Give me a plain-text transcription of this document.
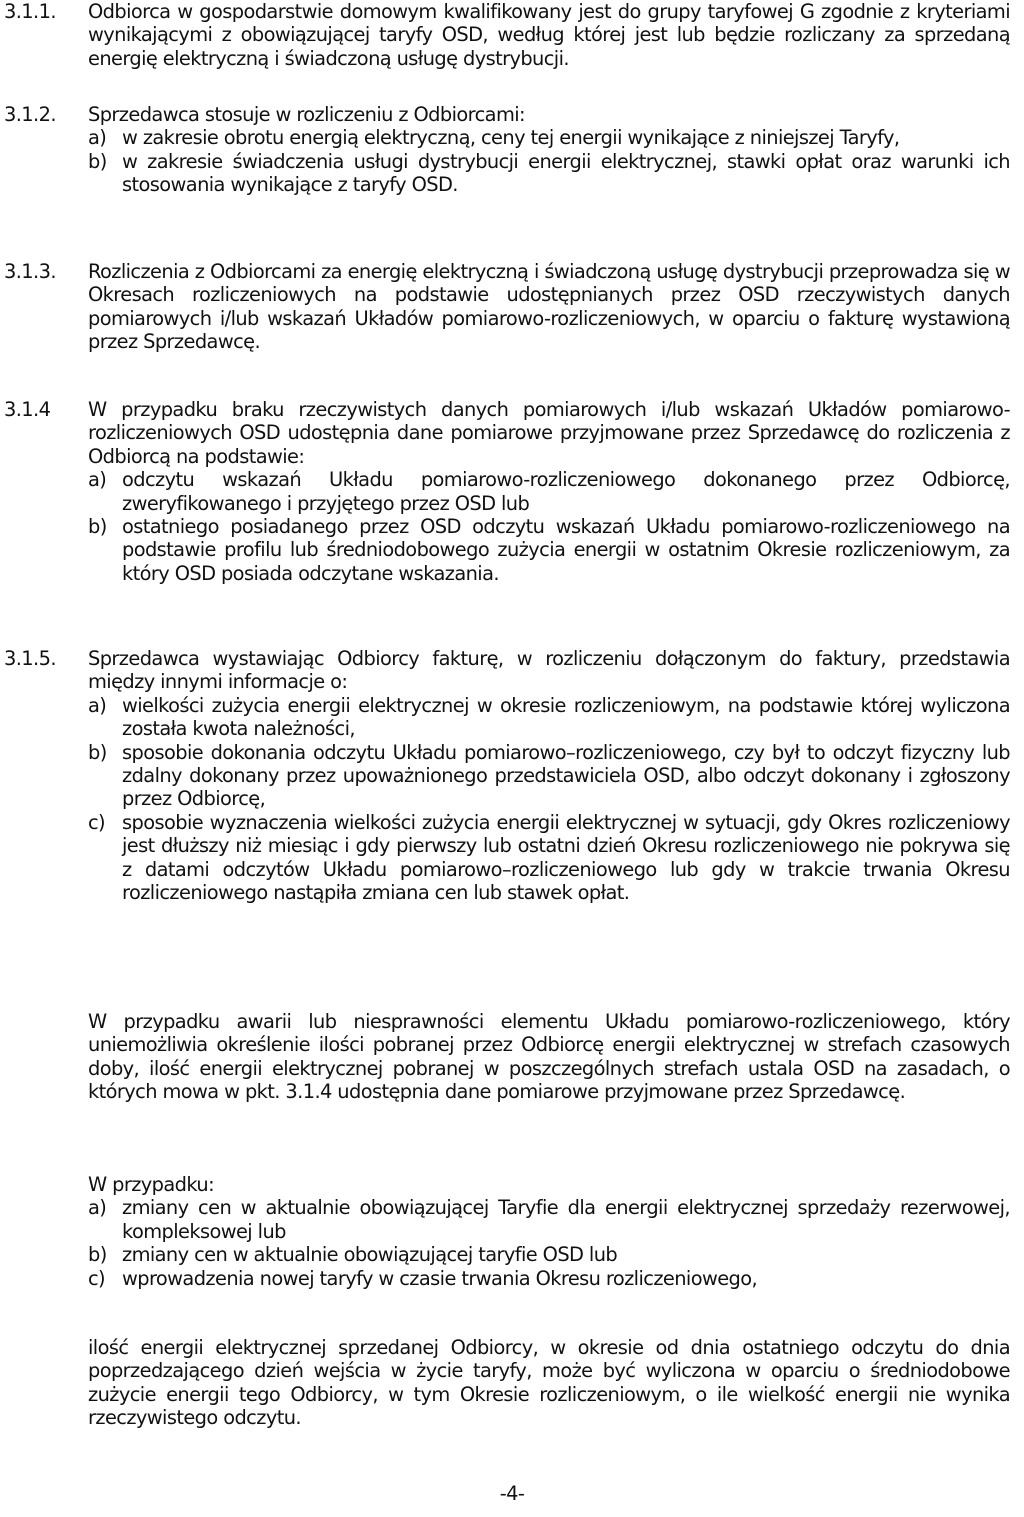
3.1.1. Odbiorca w gospodarstwie domowym kwalifikowany jest do grupy taryfowej G zgodnie z kryteriami wynikającymi z obowiązującej taryfy OSD, według której jest lub będzie rozliczany za sprzedaną energię elektryczną i świadczoną usługę dystrybucji.
3.1.2. Sprzedawca stosuje w rozliczeniu z Odbiorcami:
a) w zakresie obrotu energią elektryczną, ceny tej energii wynikające z niniejszej Taryfy,
b) w zakresie świadczenia usługi dystrybucji energii elektrycznej, stawki opłat oraz warunki ich stosowania wynikające z taryfy OSD.
3.1.3. Rozliczenia z Odbiorcami za energię elektryczną i świadczoną usługę dystrybucji przeprowadza się w Okresach rozliczeniowych na podstawie udostępnianych przez OSD rzeczywistych danych pomiarowych i/lub wskazań Układów pomiarowo-rozliczeniowych, w oparciu o fakturę wystawioną przez Sprzedawcę.
3.1.4 W przypadku braku rzeczywistych danych pomiarowych i/lub wskazań Układów pomiarowo-rozliczeniowych OSD udostępnia dane pomiarowe przyjmowane przez Sprzedawcę do rozliczenia z Odbiorcą na podstawie:
a) odczytu wskazań Układu pomiarowo-rozliczeniowego dokonanego przez Odbiorcę, zweryfikowanego i przyjętego przez OSD lub
b) ostatniego posiadanego przez OSD odczytu wskazań Układu pomiarowo-rozliczeniowego na podstawie profilu lub średniodobowego zużycia energii w ostatnim Okresie rozliczeniowym, za który OSD posiada odczytane wskazania.
3.1.5. Sprzedawca wystawiając Odbiorcy fakturę, w rozliczeniu dołączonym do faktury, przedstawia między innymi informacje o:
a) wielkości zużycia energii elektrycznej w okresie rozliczeniowym, na podstawie której wyliczona została kwota należności,
b) sposobie dokonania odczytu Układu pomiarowo–rozliczeniowego, czy był to odczyt fizyczny lub zdalny dokonany przez upoważnionego przedstawiciela OSD, albo odczyt dokonany i zgłoszony przez Odbiorcę,
c) sposobie wyznaczenia wielkości zużycia energii elektrycznej w sytuacji, gdy Okres rozliczeniowy jest dłuższy niż miesiąc i gdy pierwszy lub ostatni dzień Okresu rozliczeniowego nie pokrywa się z datami odczytów Układu pomiarowo–rozliczeniowego lub gdy w trakcie trwania Okresu rozliczeniowego nastąpiła zmiana cen lub stawek opłat.
W przypadku awarii lub niesprawności elementu Układu pomiarowo-rozliczeniowego, który uniemożliwia określenie ilości pobranej przez Odbiorcę energii elektrycznej w strefach czasowych doby, ilość energii elektrycznej pobranej w poszczególnych strefach ustala OSD na zasadach, o których mowa w pkt. 3.1.4 udostępnia dane pomiarowe przyjmowane przez Sprzedawcę.
W przypadku:
a) zmiany cen w aktualnie obowiązującej Taryfie dla energii elektrycznej sprzedaży rezerwowej, kompleksowej lub
b) zmiany cen w aktualnie obowiązującej taryfie OSD lub
c) wprowadzenia nowej taryfy w czasie trwania Okresu rozliczeniowego,
ilość energii elektrycznej sprzedanej Odbiorcy, w okresie od dnia ostatniego odczytu do dnia poprzedzającego dzień wejścia w życie taryfy, może być wyliczona w oparciu o średniodobowe zużycie energii tego Odbiorcy, w tym Okresie rozliczeniowym, o ile wielkość energii nie wynika rzeczywistego odczytu.
-4-
